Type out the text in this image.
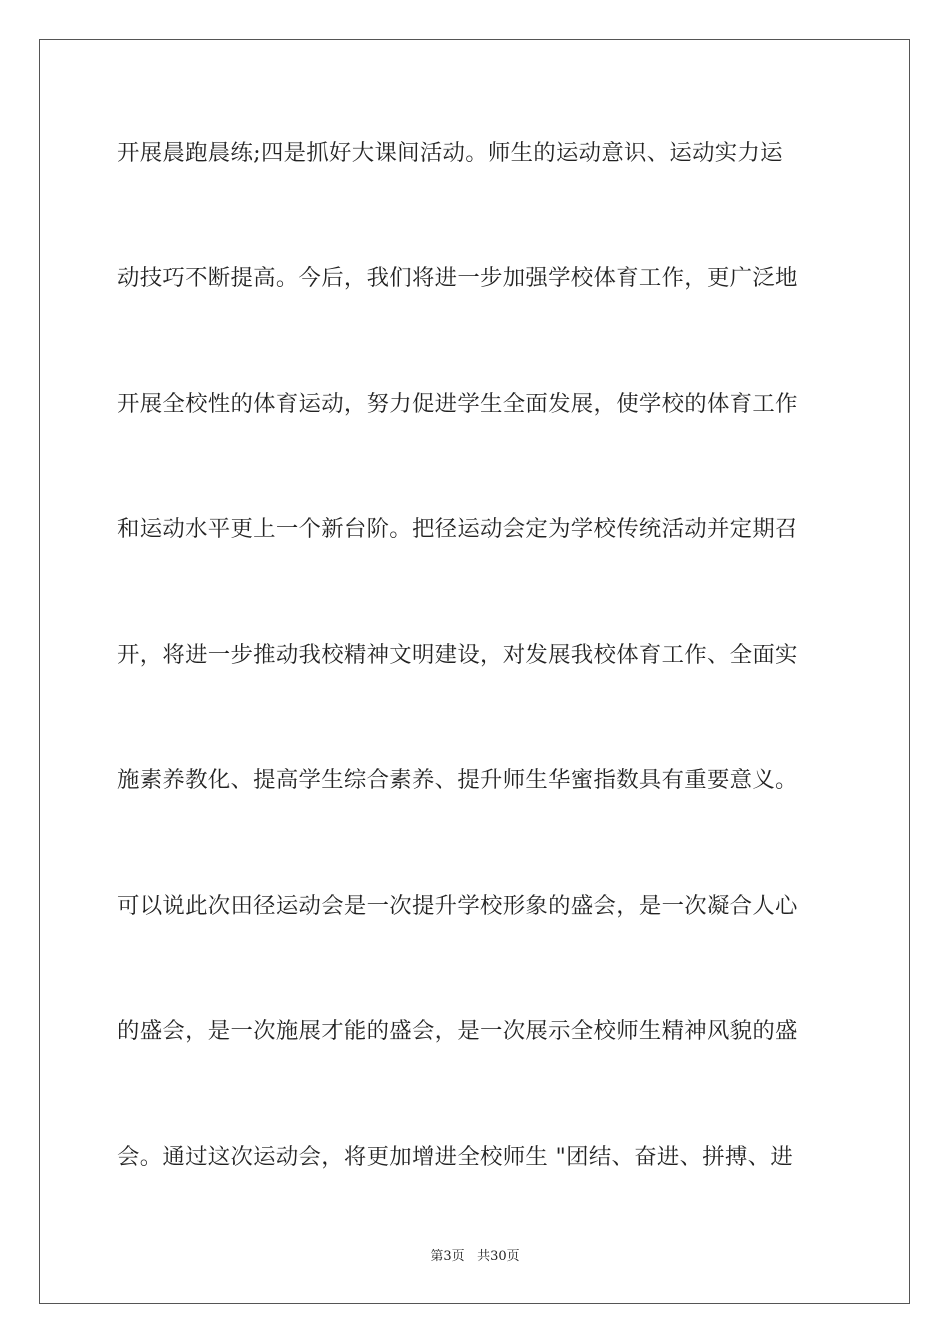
开展晨跑晨练;四是抓好大课间活动。师生的运动意识、运动实力运
动技巧不断提高。今后，我们将进一步加强学校体育工作，更广泛地
开展全校性的体育运动，努力促进学生全面发展，使学校的体育工作
和运动水平更上一个新台阶。把径运动会定为学校传统活动并定期召
开，将进一步推动我校精神文明建设，对发展我校体育工作、全面实
施素养教化、提高学生综合素养、提升师生华蜜指数具有重要意义。
可以说此次田径运动会是一次提升学校形象的盛会，是一次凝合人心
的盛会，是一次施展才能的盛会，是一次展示全校师生精神风貌的盛
会。通过这次运动会，将更加增进全校师生 "团结、奋进、拼搏、进
第3页 共30页
